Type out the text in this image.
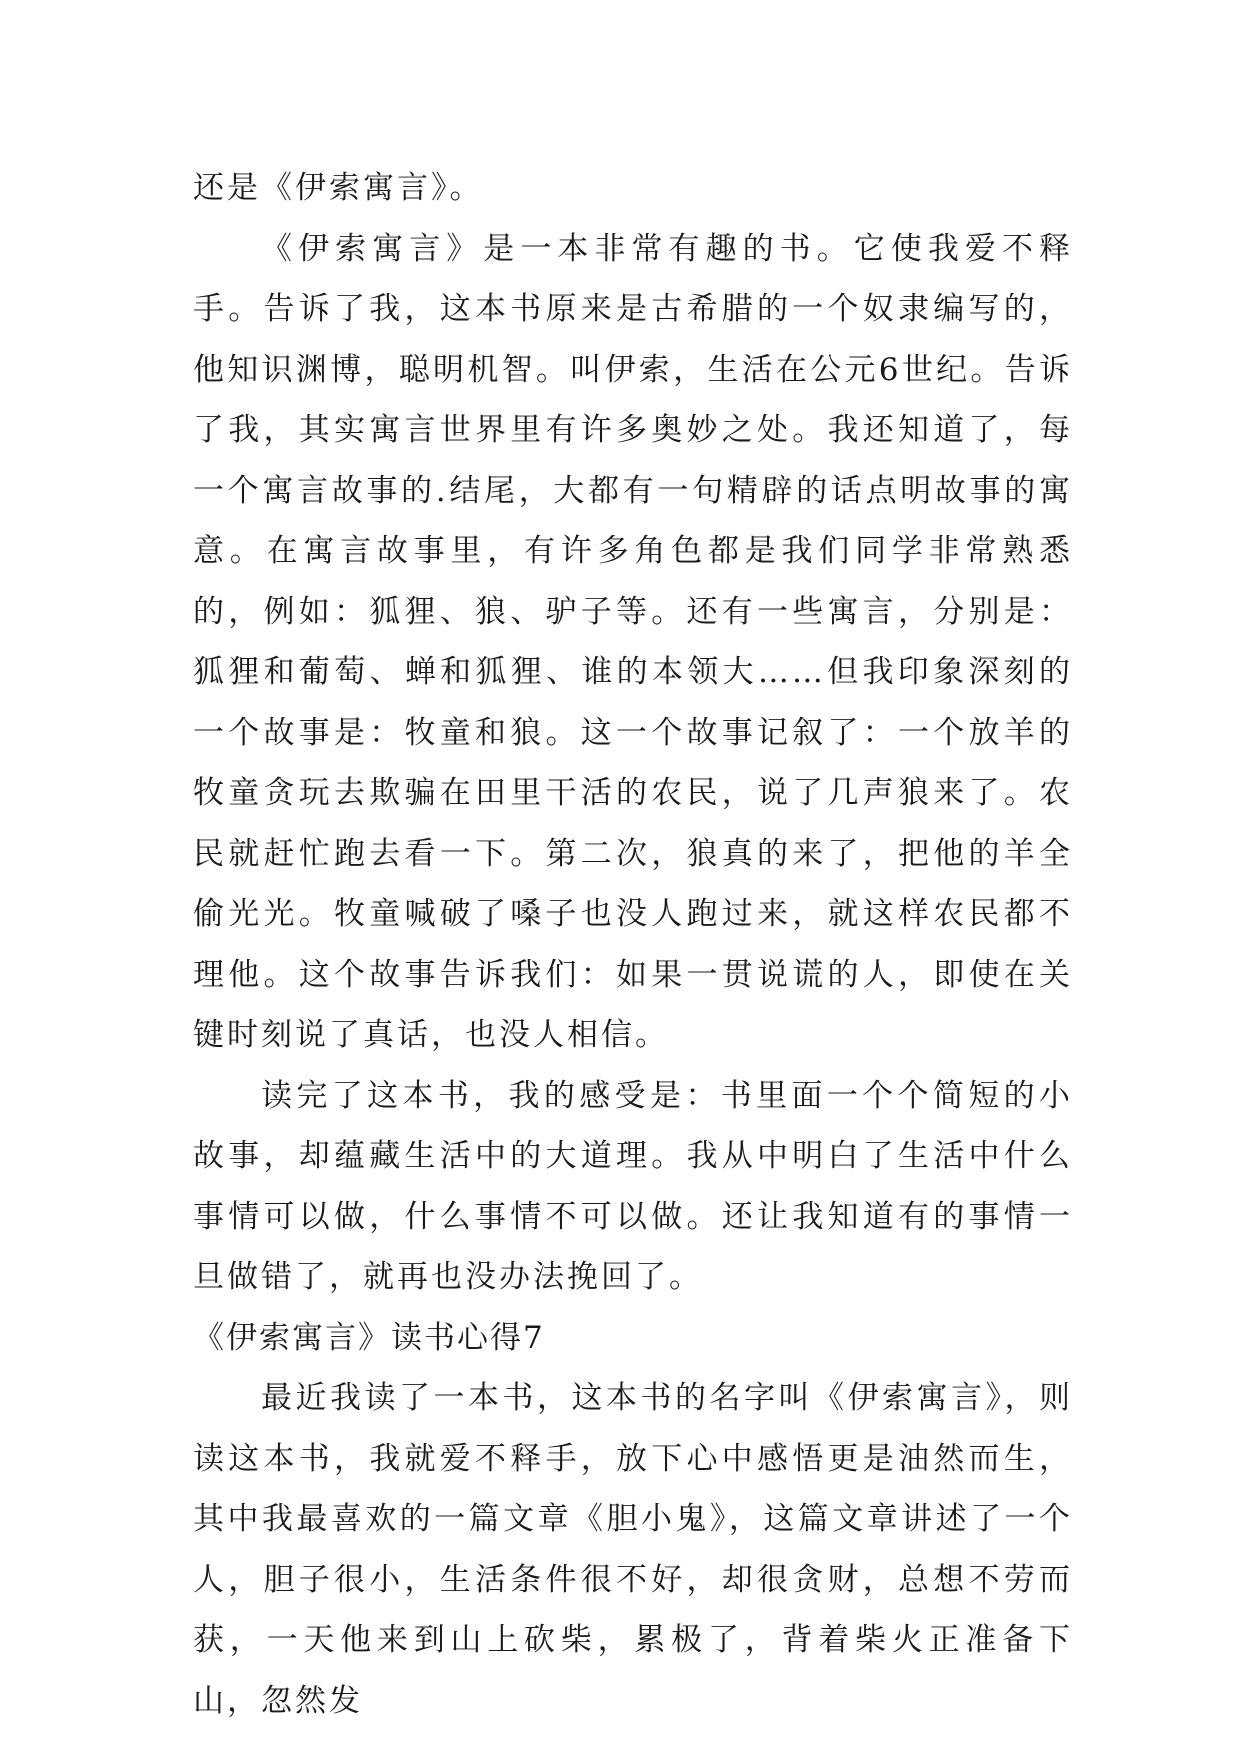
还是《伊索寓言》。

《伊索寓言》是一本非常有趣的书。它使我爱不释手。告诉了我，这本书原来是古希腊的一个奴隶编写的，他知识渊博，聪明机智。叫伊索，生活在公元6世纪。告诉了我，其实寓言世界里有许多奥妙之处。我还知道了，每一个寓言故事的.结尾，大都有一句精辟的话点明故事的寓意。在寓言故事里，有许多角色都是我们同学非常熟悉的，例如：狐狸、狼、驴子等。还有一些寓言，分别是：狐狸和葡萄、蝉和狐狸、谁的本领大……但我印象深刻的一个故事是：牧童和狼。这一个故事记叙了：一个放羊的牧童贪玩去欺骗在田里干活的农民，说了几声狼来了。农民就赶忙跑去看一下。第二次，狼真的来了，把他的羊全偷光光。牧童喊破了嗓子也没人跑过来，就这样农民都不理他。这个故事告诉我们：如果一贯说谎的人，即使在关键时刻说了真话，也没人相信。

读完了这本书，我的感受是：书里面一个个简短的小故事，却蕴藏生活中的大道理。我从中明白了生活中什么事情可以做，什么事情不可以做。还让我知道有的事情一旦做错了，就再也没办法挽回了。

《伊索寓言》读书心得7

最近我读了一本书，这本书的名字叫《伊索寓言》，则读这本书，我就爱不释手，放下心中感悟更是油然而生，其中我最喜欢的一篇文章《胆小鬼》，这篇文章讲述了一个人，胆子很小，生活条件很不好，却很贪财，总想不劳而获，一天他来到山上砍柴，累极了，背着柴火正准备下山，忽然发
